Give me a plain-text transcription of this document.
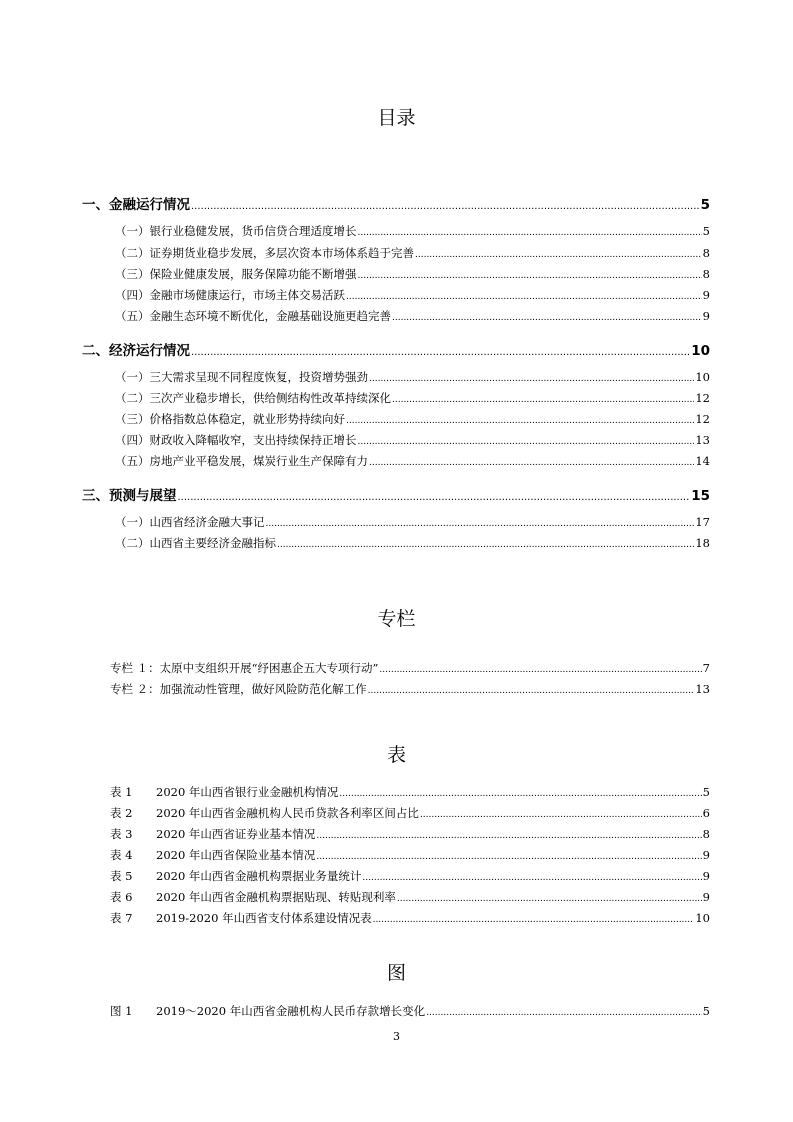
目录
专栏
表
图
一、金融运行情况 .....	5
（一）银行业稳健发展，货币信贷合理适度增长 .....	5
（二）证券期货业稳步发展，多层次资本市场体系趋于完善 .....	8
（三）保险业健康发展，服务保障功能不断增强 .....	8
（四）金融市场健康运行，市场主体交易活跃 .....	9
（五）金融生态环境不断优化，金融基础设施更趋完善 .....	9
二、经济运行情况 .....	10
（一）三大需求呈现不同程度恢复，投资增势强劲 .....	10
（二）三次产业稳步增长，供给侧结构性改革持续深化 .....	12
（三）价格指数总体稳定，就业形势持续向好 .....	12
（四）财政收入降幅收窄，支出持续保持正增长 .....	13
（五）房地产业平稳发展，煤炭行业生产保障有力 .....	14
三、预测与展望 .....	15
（一）山西省经济金融大事记 .....	17
（二）山西省主要经济金融指标 .....	18
专栏 １：太原中支组织开展“纾困惠企五大专项行动” .....	7
专栏 ２：加强流动性管理，做好风险防范化解工作 .....	13
表 1 2020 年山西省银行业金融机构情况 .....	5
表 2 2020 年山西省金融机构人民币贷款各利率区间占比 .....	6
表 3 2020 年山西省证券业基本情况 .....	8
表 4 2020 年山西省保险业基本情况 .....	9
表 5 2020 年山西省金融机构票据业务量统计 .....	9
表 6 2020 年山西省金融机构票据贴现、转贴现利率 .....	9
表 7 2019-2020 年山西省支付体系建设情况表 .....	10
图 1 2019～2020 年山西省金融机构人民币存款增长变化 .....	5
3
